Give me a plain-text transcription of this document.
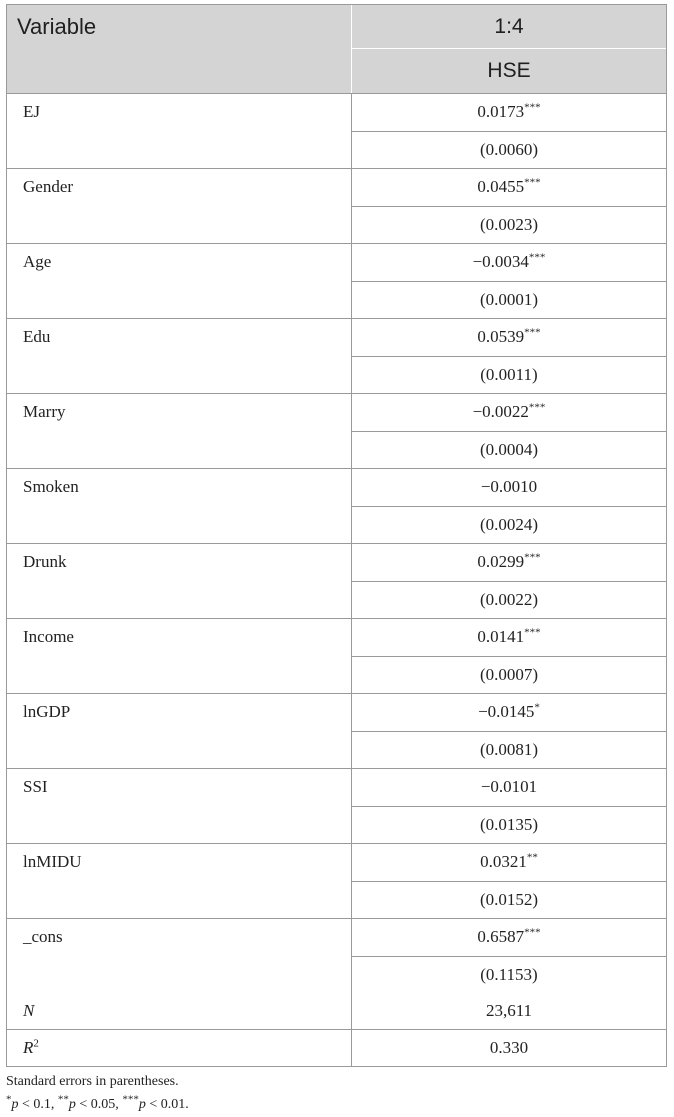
Variable	1:4
HSE
EJ	0.0173***
(0.0060)
Gender	0.0455***
(0.0023)
Age	−0.0034***
(0.0001)
Edu	0.0539***
(0.0011)
Marry	−0.0022***
(0.0004)
Smoken	−0.0010
(0.0024)
Drunk	0.0299***
(0.0022)
Income	0.0141***
(0.0007)
lnGDP	−0.0145*
(0.0081)
SSI	−0.0101
(0.0135)
lnMIDU	0.0321**
(0.0152)
_cons	0.6587***
(0.1153)
N	23,611
$R^2$	0.330
Standard errors in parentheses.
*p < 0.1, **p < 0.05, ***p < 0.01.
